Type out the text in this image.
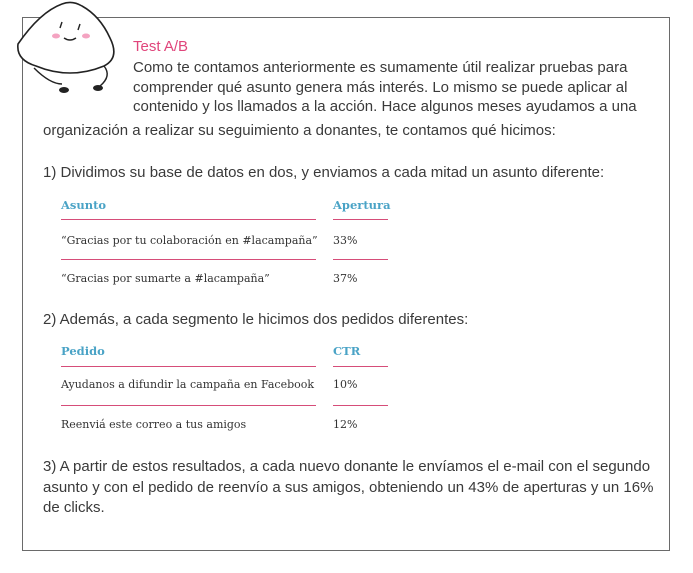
Test A/B
Como te contamos anteriormente es sumamente útil realizar pruebas para
comprender qué asunto genera más interés. Lo mismo se puede aplicar al
contenido y los llamados a la acción. Hace algunos meses ayudamos a una
organización a realizar su seguimiento a donantes, te contamos qué hicimos:
1) Dividimos su base de datos en dos, y enviamos a cada mitad un asunto diferente:
Asunto	Apertura
“Gracias por tu colaboración en #lacampaña” 33%
“Gracias por sumarte a #lacampaña”	37%
2) Además, a cada segmento le hicimos dos pedidos diferentes:
Pedido	CTR
Ayudanos a difundir la campaña en Facebook 10%
Reenviá este correo a tus amigos	12%
3) A partir de estos resultados, a cada nuevo donante le envíamos el e-mail con el segundo
asunto y con el pedido de reenvío a sus amigos, obteniendo un 43% de aperturas y un 16%
de clicks.
